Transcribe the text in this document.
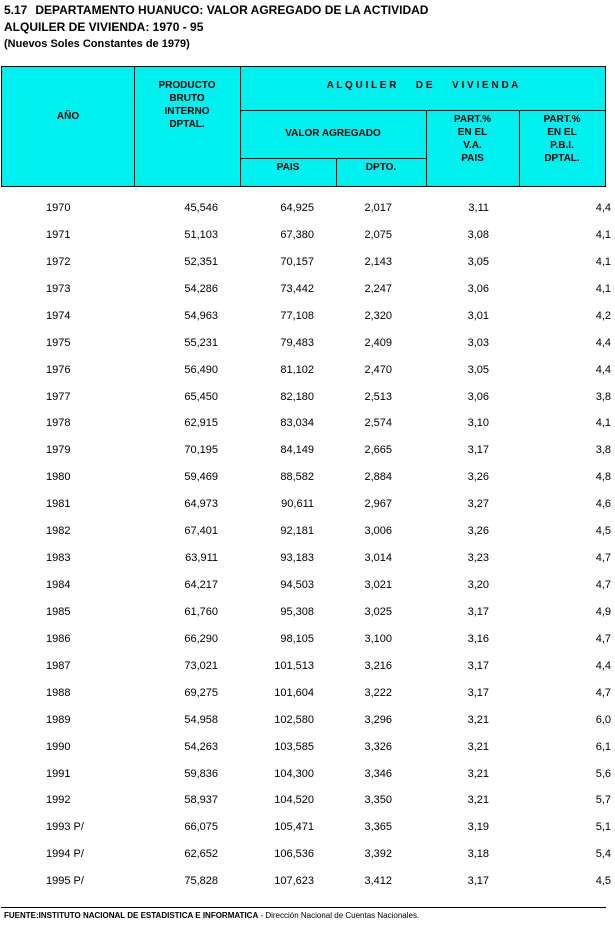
5.17 DEPARTAMENTO HUANUCO: VALOR AGREGADO DE LA ACTIVIDAD
ALQUILER DE VIVIENDA: 1970 - 95
(Nuevos Soles Constantes de 1979)
AÑO
PRODUCTO
BRUTO
INTERNO
DPTAL.
A L Q U I L E R       D E       V I V I E N D A
VALOR AGREGADO
PAIS	DPTO.
PART.%
EN EL
V.A.
PAIS
PART.%
EN EL
P.B.I.
DPTAL.
1970	45,546	64,925	2,017	3,11	4,4
1971	51,103	67,380	2,075	3,08	4,1
1972	52,351	70,157	2,143	3,05	4,1
1973	54,286	73,442	2,247	3,06	4,1
1974	54,963	77,108	2,320	3,01	4,2
1975	55,231	79,483	2,409	3,03	4,4
1976	56,490	81,102	2,470	3,05	4,4
1977	65,450	82,180	2,513	3,06	3,8
1978	62,915	83,034	2,574	3,10	4,1
1979	70,195	84,149	2,665	3,17	3,8
1980	59,469	88,582	2,884	3,26	4,8
1981	64,973	90,611	2,967	3,27	4,6
1982	67,401	92,181	3,006	3,26	4,5
1983	63,911	93,183	3,014	3,23	4,7
1984	64,217	94,503	3,021	3,20	4,7
1985	61,760	95,308	3,025	3,17	4,9
1986	66,290	98,105	3,100	3,16	4,7
1987	73,021	101,513	3,216	3,17	4,4
1988	69,275	101,604	3,222	3,17	4,7
1989	54,958	102,580	3,296	3,21	6,0
1990	54,263	103,585	3,326	3,21	6,1
1991	59,836	104,300	3,346	3,21	5,6
1992	58,937	104,520	3,350	3,21	5,7
1993 P/	66,075	105,471	3,365	3,19	5,1
1994 P/	62,652	106,536	3,392	3,18	5,4
1995 P/	75,828	107,623	3,412	3,17	4,5
FUENTE:INSTITUTO NACIONAL DE ESTADISTICA E INFORMATICA - Dirección Nacional de Cuentas Nacionales.
